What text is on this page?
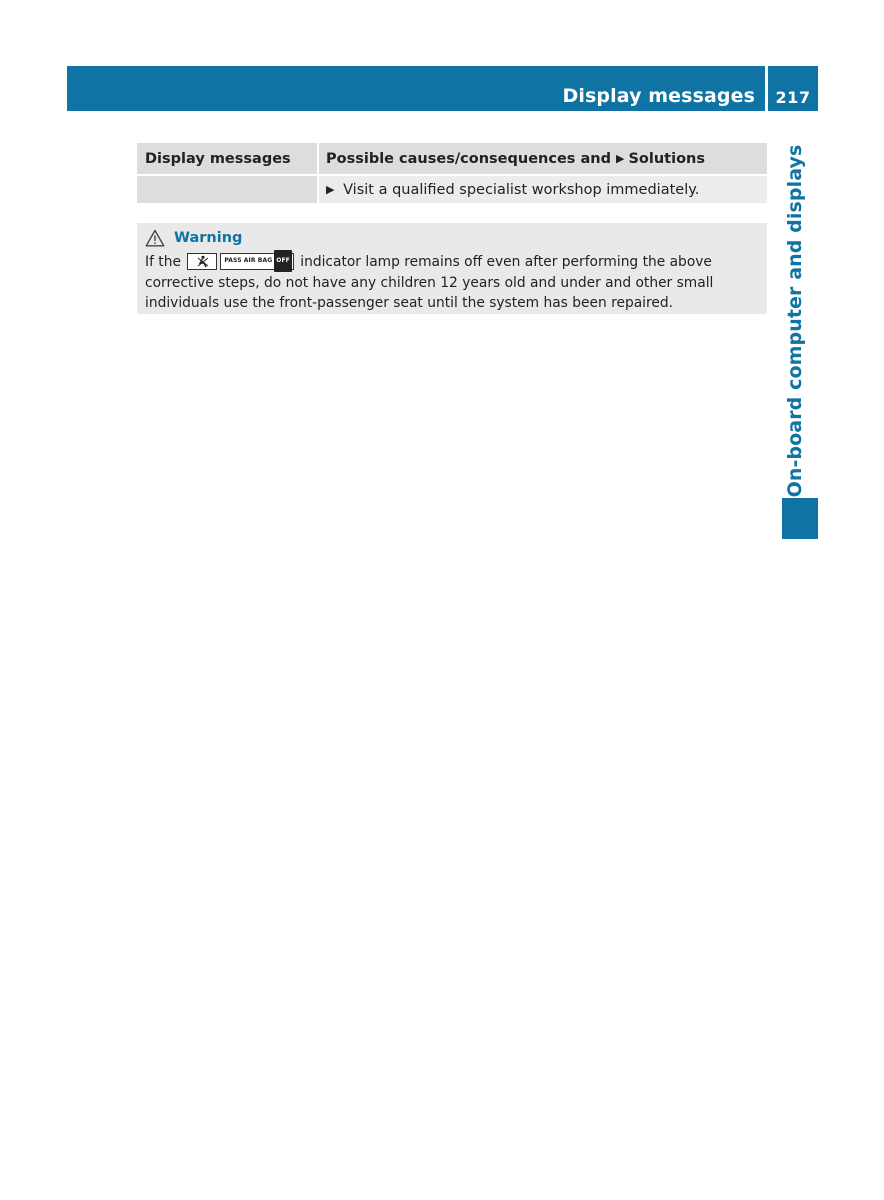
Display messages	217
On-board computer and displays
Display messages	Possible causes/consequences and ▶ Solutions
	▶ Visit a qualified specialist workshop immediately.
Warning
If the	PASS AIR BAG OFF indicator lamp remains off even after performing the above corrective steps, do not have any children 12 years old and under and other small individuals use the front-passenger seat until the system has been repaired.
